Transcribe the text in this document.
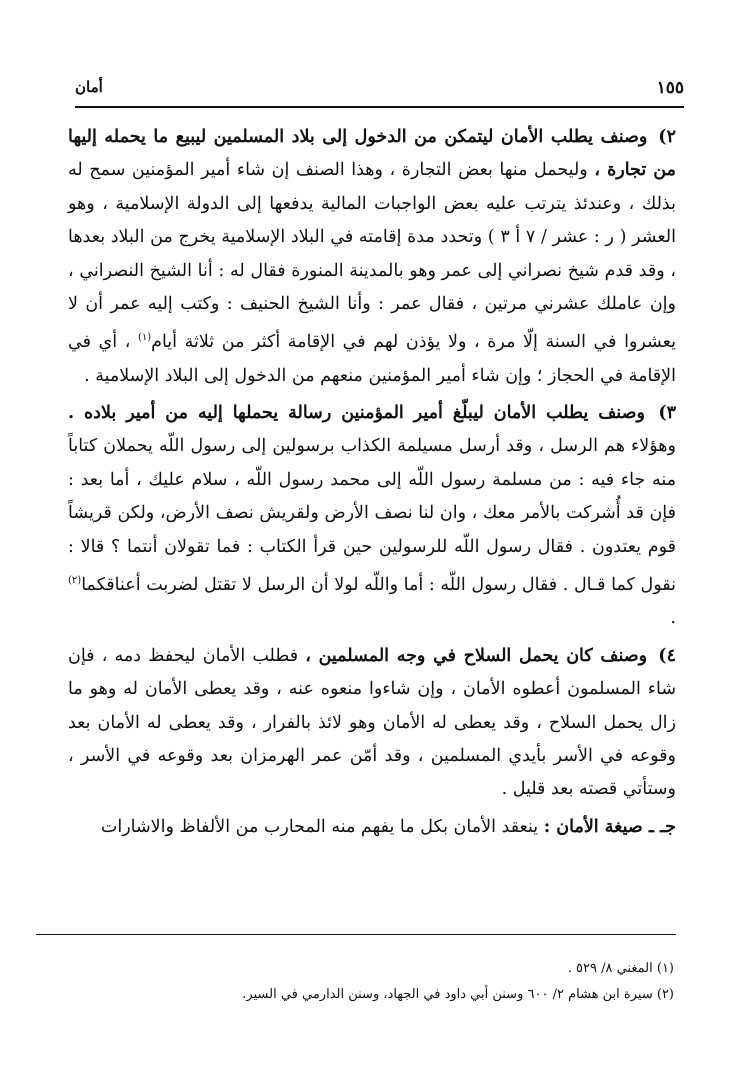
١٥٥
أمان

٢) وصنف يطلب الأمان ليتمكن من الدخول إلى بلاد المسلمين ليبيع ما يحمله إليها من تجارة ، وليحمل منها بعض التجارة ، وهذا الصنف إن شاء أمير المؤمنين سمح له بذلك ، وعندئذ يترتب عليه بعض الواجبات المالية يدفعها إلى الدولة الإسلامية ، وهو العشر ( ر : عشر / ٧ أ ٣ ) وتحدد مدة إقامته في البلاد الإسلامية يخرج من البلاد بعدها ، وقد قدم شيخ نصراني إلى عمر وهو بالمدينة المنورة فقال له : أنا الشيخ النصراني ، وإن عاملك عشرني مرتين ، فقال عمر : وأنا الشيخ الحنيف : وكتب إليه عمر أن لا يعشروا في السنة إلّا مرة ، ولا يؤذن لهم في الإقامة أكثر من ثلاثة أيام$^{(١)}$ ، أي في الإقامة في الحجاز ؛ وإن شاء أمير المؤمنين منعهم من الدخول إلى البلاد الإسلامية .

٣) وصنف يطلب الأمان ليبلّغ أمير المؤمنين رسالة يحملها إليه من أمير بلاده . وهؤلاء هم الرسل ، وقد أرسل مسيلمة الكذاب برسولين إلى رسول اللّه يحملان كتاباً منه جاء فيه : من مسلمة رسول اللّه إلى محمد رسول اللّه ، سلام عليك ، أما بعد : فإن قد أُشركت بالأمر معك ، وان لنا نصف الأرض ولقريش نصف الأرض، ولكن قريشاً قوم يعتدون . فقال رسول اللّه للرسولين حين قرأ الكتاب : فما تقولان أنتما ؟ قالا : نقول كما قـال . فقال رسول اللّه : أما واللّه لولا أن الرسل لا تقتل لضربت أعناقكما$^{(٢)}$ .

٤) وصنف كان يحمل السلاح في وجه المسلمين ، فطلب الأمان ليحفظ دمه ، فإن شاء المسلمون أعطوه الأمان ، وإن شاءوا منعوه عنه ، وقد يعطى الأمان له وهو ما زال يحمل السلاح ، وقد يعطى له الأمان وهو لائذ بالفرار ، وقد يعطى له الأمان بعد وقوعه في الأسر بأيدي المسلمين ، وقد أمّن عمر الهرمزان بعد وقوعه في الأسر ، وستأتي قصته بعد قليل .

جـ ـ صيغة الأمان : ينعقد الأمان بكل ما يفهم منه المحارب من الألفاظ والاشارات

(١) المغني ٨/ ٥٢٩ .

(٢) سيرة ابن هشام ٢/ ٦٠٠ وسنن أبي داود في الجهاد، وسنن الدارمي في السير.
